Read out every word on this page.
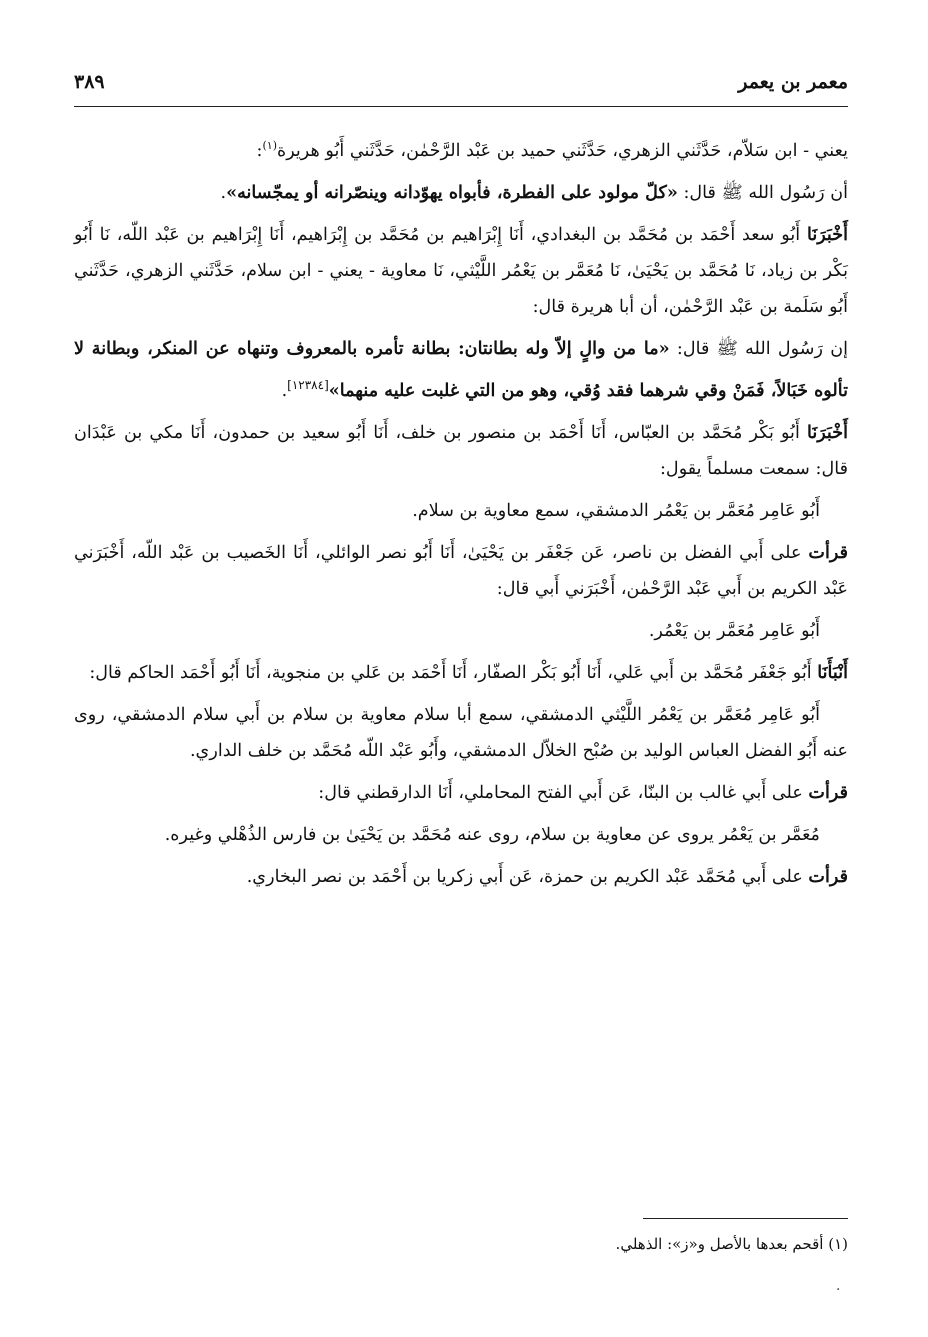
معمر بن يعمر
٣٨٩

يعني - ابن سَلاّم، حَدَّثَني الزهري، حَدَّثَني حميد بن عَبْد الرَّحْمٰن، حَدَّثَني أَبُو هريرة$^{(١)}$:

أن رَسُول الله ﷺ قال: «كلّ مولود على الفطرة، فأبواه يهوّدانه وينصّرانه أو يمجّسانه».

أَخْبَرَنَا أَبُو سعد أَحْمَد بن مُحَمَّد بن البغدادي، أَنَا إِبْرَاهيم بن مُحَمَّد بن إِبْرَاهيم، أَنَا إِبْرَاهيم بن عَبْد اللّه، نَا أَبُو بَكْر بن زياد، نَا مُحَمَّد بن يَحْيَىٰ، نَا مُعَمَّر بن يَعْمُر اللَّيْثي، نَا معاوية - يعني - ابن سلام، حَدَّثَني الزهري، حَدَّثَني أَبُو سَلَمة بن عَبْد الرَّحْمٰن، أن أبا هريرة قال:

إن رَسُول الله ﷺ قال: «ما من والٍ إلاّ وله بطانتان: بطانة تأمره بالمعروف وتنهاه عن المنكر، وبطانة لا تألوه خَبَالاً، فَمَنْ وقي شرهما فقد وُقي، وهو من التي غلبت عليه منهما»[١٢٣٨٤].

أَخْبَرَنَا أَبُو بَكْر مُحَمَّد بن العبّاس، أَنَا أَحْمَد بن منصور بن خلف، أَنَا أَبُو سعيد بن حمدون، أَنَا مكي بن عَبْدَان قال: سمعت مسلماً يقول:

أَبُو عَامِر مُعَمَّر بن يَعْمُر الدمشقي، سمع معاوية بن سلام.

قرأت على أَبي الفضل بن ناصر، عَن جَعْفَر بن يَحْيَىٰ، أَنَا أَبُو نصر الوائلي، أَنَا الخَصيب بن عَبْد اللّه، أَخْبَرَني عَبْد الكريم بن أَبي عَبْد الرَّحْمٰن، أَخْبَرَني أَبي قال:

أَبُو عَامِر مُعَمَّر بن يَعْمُر.

أَنْبَأَنَا أَبُو جَعْفَر مُحَمَّد بن أَبي عَلي، أَنَا أَبُو بَكْر الصفّار، أَنَا أَحْمَد بن عَلي بن منجوية، أَنَا أَبُو أَحْمَد الحاكم قال:

أَبُو عَامِر مُعَمَّر بن يَعْمُر اللَّيْثي الدمشقي، سمع أبا سلام معاوية بن سلام بن أَبي سلام الدمشقي، روى عنه أَبُو الفضل العباس الوليد بن صُبْح الخلاّل الدمشقي، وأَبُو عَبْد اللّه مُحَمَّد بن خلف الداري.

قرأت على أَبي غالب بن البنّا، عَن أَبي الفتح المحاملي، أَنَا الدارقطني قال:

مُعَمَّر بن يَعْمُر يروى عن معاوية بن سلام، روى عنه مُحَمَّد بن يَحْيَىٰ بن فارس الذُهْلي وغيره.

قرأت على أَبي مُحَمَّد عَبْد الكريم بن حمزة، عَن أَبي زكريا بن أَحْمَد بن نصر البخاري.

(١) أقحم بعدها بالأصل و«ز»: الذهلي.
.
